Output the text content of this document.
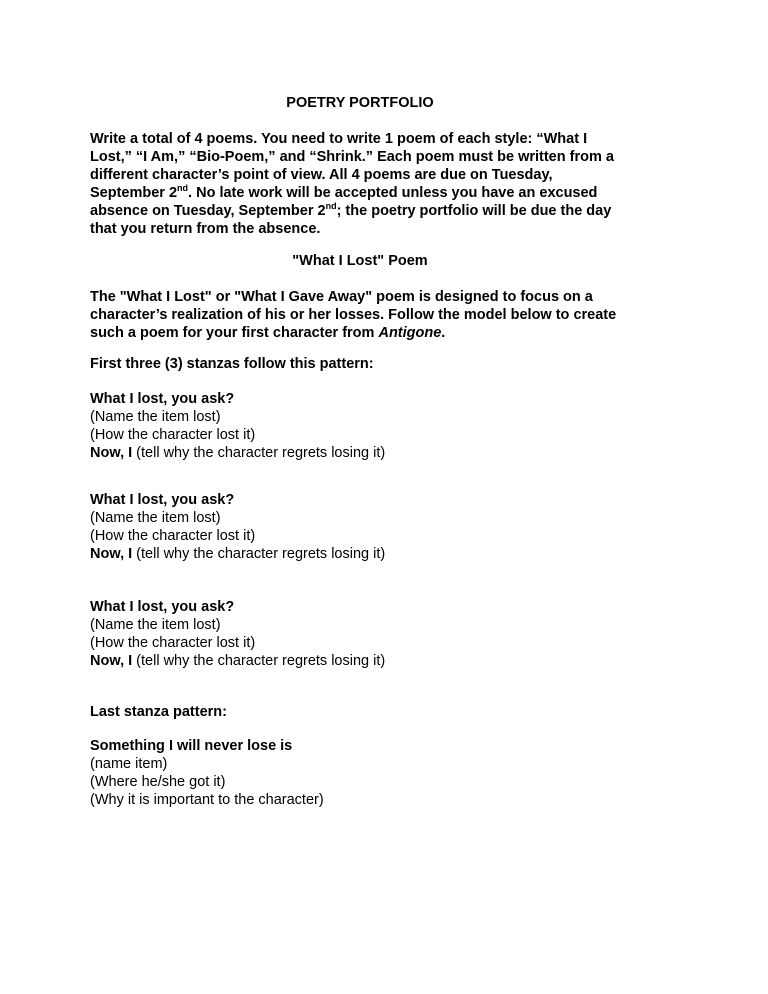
POETRY PORTFOLIO

Write a total of 4 poems. You need to write 1 poem of each style: “What I Lost,” “I Am,” “Bio-Poem,” and “Shrink.” Each poem must be written from a different character’s point of view. All 4 poems are due on Tuesday, September 2nd. No late work will be accepted unless you have an excused absence on Tuesday, September 2nd; the poetry portfolio will be due the day that you return from the absence.

"What I Lost" Poem

The "What I Lost" or "What I Gave Away" poem is designed to focus on a character’s realization of his or her losses. Follow the model below to create such a poem for your first character from Antigone.

First three (3) stanzas follow this pattern:
What I lost, you ask?
(Name the item lost)
(How the character lost it)
Now, I (tell why the character regrets losing it)
What I lost, you ask?
(Name the item lost)
(How the character lost it)
Now, I (tell why the character regrets losing it)
What I lost, you ask?
(Name the item lost)
(How the character lost it)
Now, I (tell why the character regrets losing it)
Last stanza pattern:
Something I will never lose is
(name item)
(Where he/she got it)
(Why it is important to the character)
